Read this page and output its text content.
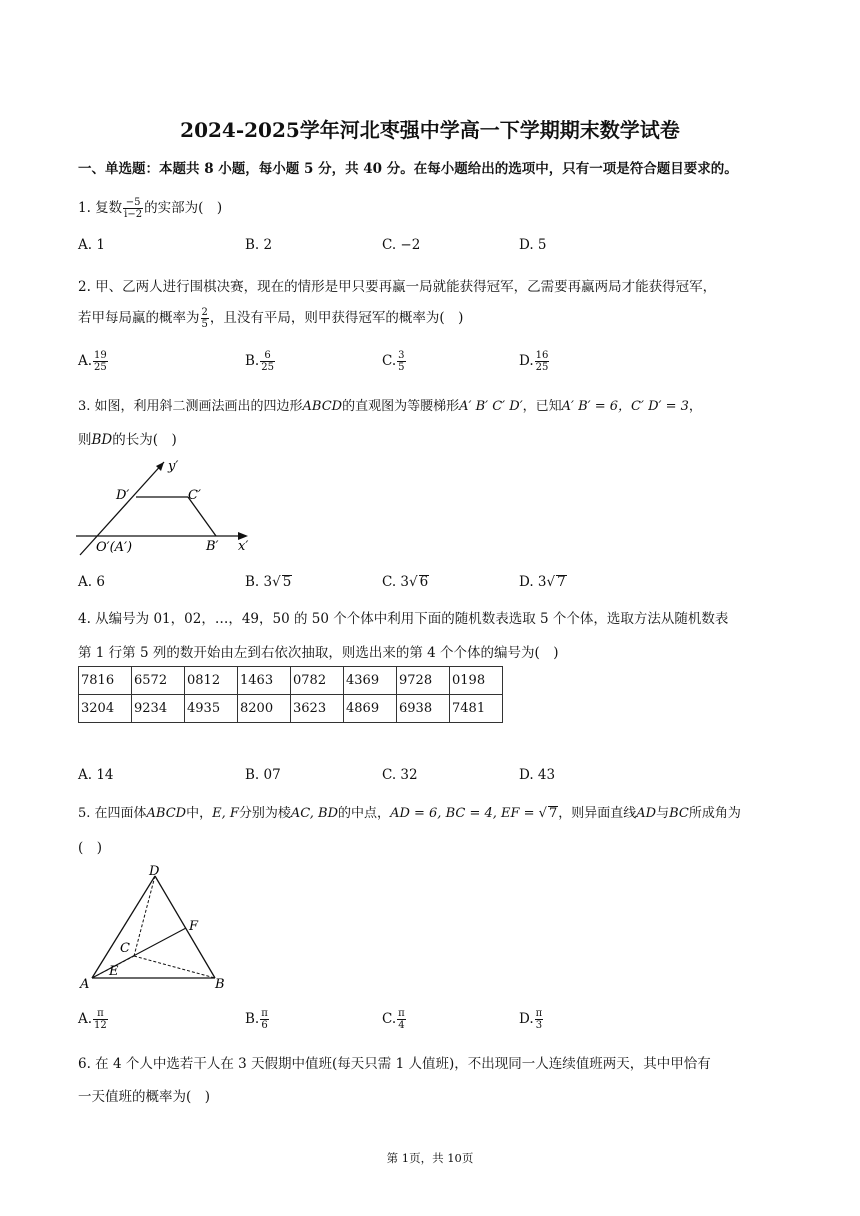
2024-2025学年河北枣强中学高一下学期期末数学试卷
一、单选题：本题共 8 小题，每小题 5 分，共 40 分。在每小题给出的选项中，只有一项是符合题目要求的。
1. 复数 $\frac{-5}{i-2}$ 的实部为(　)
A. 1	B. 2	C. −2	D. 5
2. 甲、乙两人进行围棋决赛，现在的情形是甲只要再赢一局就能获得冠军，乙需要再赢两局才能获得冠军，
若甲每局赢的概率为 $\frac{2}{5}$ ，且没有平局，则甲获得冠军的概率为(　)
A. $\frac{19}{25}$	B. $\frac{6}{25}$	C. $\frac{3}{5}$	D. $\frac{16}{25}$
3. 如图，利用斜二测画法画出的四边形ABCD的直观图为等腰梯形A′ B′ C′ D′，已知A′ B′ = 6，C′ D′ = 3，
则BD的长为(　)
y′
D′	C′
O′(A′)	B′ x′
A. 6	B. 3√ 5	C. 3√ 6	D. 3√ 7
4. 从编号为 01，02，…，49，50 的 50 个个体中利用下面的随机数表选取 5 个个体，选取方法从随机数表
第 1 行第 5 列的数开始由左到右依次抽取，则选出来的第 4 个个体的编号为(　)
7816	6572	0812	1463	0782	4369	9728	0198
3204	9234	4935	8200	3623	4869	6938	7481
A. 14	B. 07	C. 32	D. 43
5. 在四面体ABCD中，E, F分别为棱AC, BD的中点，AD = 6, BC = 4, EF = √ 7，则异面直线AD与BC所成角为
(　)
D
F
C
E
A	B
A. $\frac{\pi}{12}$	B. $\frac{\pi}{6}$	C. $\frac{\pi}{4}$	D. $\frac{\pi}{3}$
6. 在 4 个人中选若干人在 3 天假期中值班(每天只需 1 人值班)，不出现同一人连续值班两天，其中甲恰有
一天值班的概率为(　)
第 1页，共 10页
